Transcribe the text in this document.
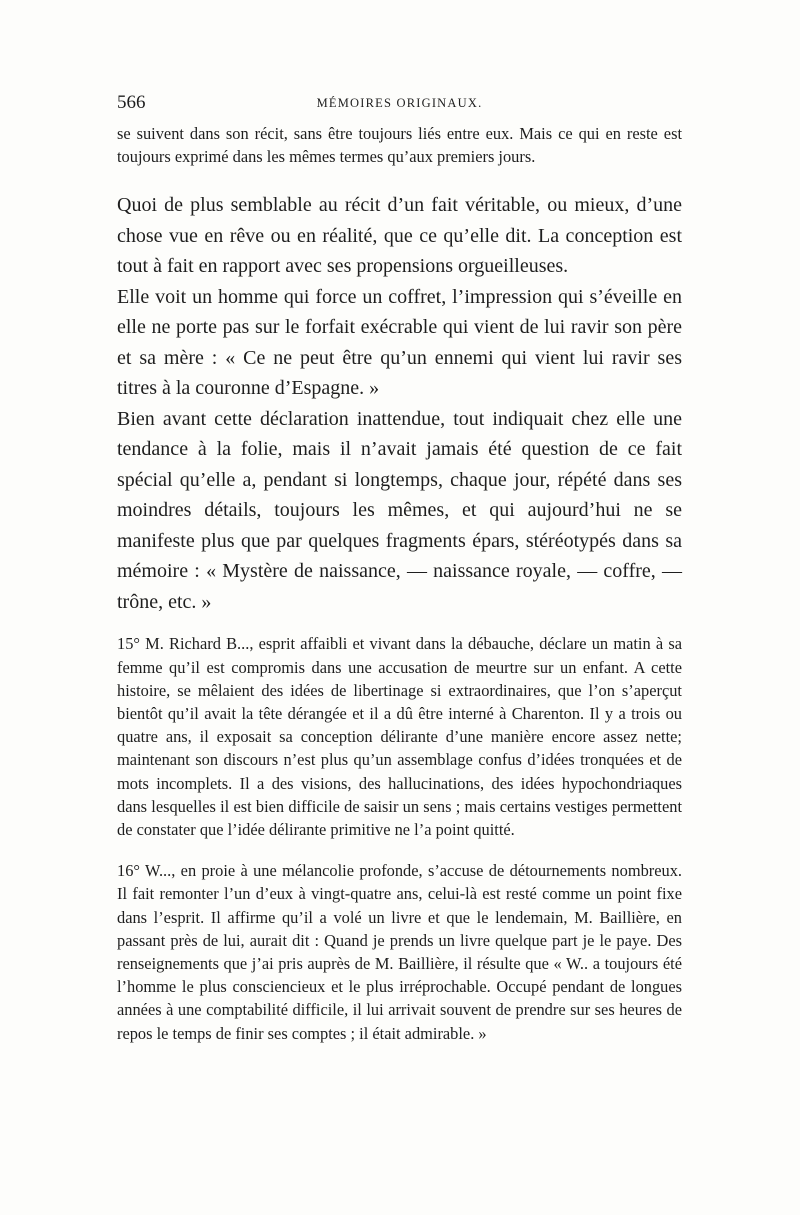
566	MÉMOIRES ORIGINAUX.

se suivent dans son récit, sans être toujours liés entre eux. Mais ce qui en reste est toujours exprimé dans les mêmes termes qu’aux premiers jours.

Quoi de plus semblable au récit d’un fait véritable, ou mieux, d’une chose vue en rêve ou en réalité, que ce qu’elle dit. La conception est tout à fait en rapport avec ses propensions orgueilleuses.

Elle voit un homme qui force un coffret, l’impression qui s’éveille en elle ne porte pas sur le forfait exécrable qui vient de lui ravir son père et sa mère : « Ce ne peut être qu’un ennemi qui vient lui ravir ses titres à la couronne d’Espagne. »

Bien avant cette déclaration inattendue, tout indiquait chez elle une tendance à la folie, mais il n’avait jamais été question de ce fait spécial qu’elle a, pendant si longtemps, chaque jour, répété dans ses moindres détails, toujours les mêmes, et qui aujourd’hui ne se manifeste plus que par quelques fragments épars, stéréotypés dans sa mémoire : « Mystère de naissance, — naissance royale, — coffre, — trône, etc. »

15° M. Richard B..., esprit affaibli et vivant dans la débauche, déclare un matin à sa femme qu’il est compromis dans une accusation de meurtre sur un enfant. A cette histoire, se mêlaient des idées de libertinage si extraordinaires, que l’on s’aperçut bientôt qu’il avait la tête dérangée et il a dû être interné à Charenton. Il y a trois ou quatre ans, il exposait sa conception délirante d’une manière encore assez nette; maintenant son discours n’est plus qu’un assemblage confus d’idées tronquées et de mots incomplets. Il a des visions, des hallucinations, des idées hypochondriaques dans lesquelles il est bien difficile de saisir un sens ; mais certains vestiges permettent de constater que l’idée délirante primitive ne l’a point quitté.

16° W..., en proie à une mélancolie profonde, s’accuse de détournements nombreux. Il fait remonter l’un d’eux à vingt-quatre ans, celui-là est resté comme un point fixe dans l’esprit. Il affirme qu’il a volé un livre et que le lendemain, M. Baillière, en passant près de lui, aurait dit : Quand je prends un livre quelque part je le paye. Des renseignements que j’ai pris auprès de M. Baillière, il résulte que « W.. a toujours été l’homme le plus consciencieux et le plus irréprochable. Occupé pendant de longues années à une comptabilité difficile, il lui arrivait souvent de prendre sur ses heures de repos le temps de finir ses comptes ; il était admirable. »
